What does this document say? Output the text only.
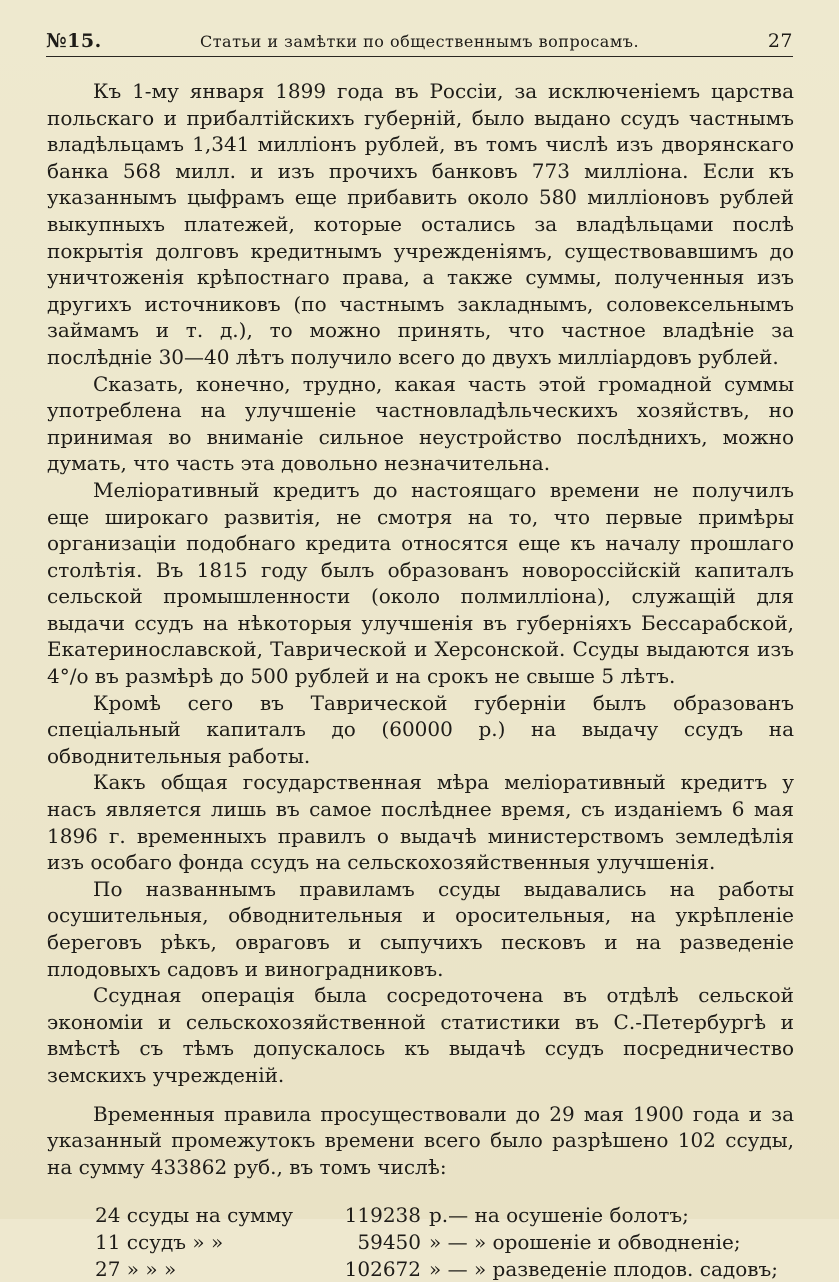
№15.	Статьи и замѣтки по общественнымъ вопросамъ.	27

Къ 1-му января 1899 года въ Россіи, за исключеніемъ царства польскаго и прибалтійскихъ губерній, было выдано ссудъ частнымъ владѣльцамъ 1,341 милліонъ рублей, въ томъ числѣ изъ дворянскаго банка 568 милл. и изъ прочихъ банковъ 773 милліона. Если къ указаннымъ цыфрамъ еще прибавить около 580 милліоновъ рублей выкупныхъ платежей, которые остались за владѣльцами послѣ покрытія долговъ кредитнымъ учрежденіямъ, существовавшимъ до уничтоженія крѣпостнаго права, а также суммы, полученныя изъ другихъ источниковъ (по частнымъ закладнымъ, соловексельнымъ займамъ и т. д.), то можно принять, что частное владѣніе за послѣдніе 30—40 лѣтъ получило всего до двухъ милліардовъ рублей.

Сказать, конечно, трудно, какая часть этой громадной суммы употреблена на улучшеніе частновладѣльческихъ хозяйствъ, но принимая во вниманіе сильное неустройство послѣднихъ, можно думать, что часть эта довольно незначительна.

Меліоративный кредитъ до настоящаго времени не получилъ еще широкаго развитія, не смотря на то, что первые примѣры организаціи подобнаго кредита относятся еще къ началу прошлаго столѣтія. Въ 1815 году былъ образованъ новороссійскій капиталъ сельской промышленности (около полмилліона), служащій для выдачи ссудъ на нѣкоторыя улучшенія въ губерніяхъ Бессарабской, Екатеринославской, Таврической и Херсонской. Ссуды выдаются изъ 4°/о въ размѣрѣ до 500 рублей и на срокъ не свыше 5 лѣтъ.

Кромѣ сего въ Таврической губерніи былъ образованъ спеціальный капиталъ до (60000 р.) на выдачу ссудъ на обводнительныя работы.

Какъ общая государственная мѣра меліоративный кредитъ у насъ является лишь въ самое послѣднее время, съ изданіемъ 6 мая 1896 г. временныхъ правилъ о выдачѣ министерствомъ земледѣлія изъ особаго фонда ссудъ на сельскохозяйственныя улучшенія.

По названнымъ правиламъ ссуды выдавались на работы осушительныя, обводнительныя и оросительныя, на укрѣпленіе береговъ рѣкъ, овраговъ и сыпучихъ песковъ и на разведеніе плодовыхъ садовъ и виноградниковъ.

Ссудная операція была сосредоточена въ отдѣлѣ сельской экономіи и сельскохозяйственной статистики въ С.-Петербургѣ и вмѣстѣ съ тѣмъ допускалось къ выдачѣ ссудъ посредничество земскихъ учрежденій.

Временныя правила просуществовали до 29 мая 1900 года и за указанный промежутокъ времени всего было разрѣшено 102 ссуды, на сумму 433862 руб., въ томъ числѣ:

24 ссуды на сумму	119238 р.— на осушеніе болотъ;
11 ссудъ » »	59450 » — » орошеніе и обводненіе;
27 » » »	102672 » — » разведеніе плодов. садовъ;
